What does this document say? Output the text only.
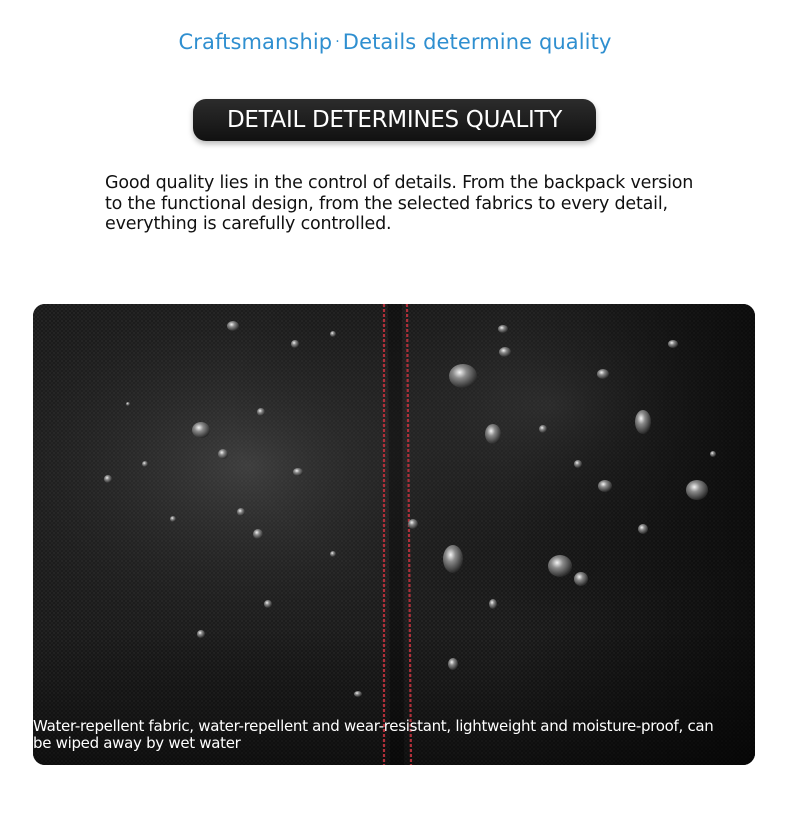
Craftsmanship · Details determine quality
DETAIL DETERMINES QUALITY
Good quality lies in the control of details. From the backpack version to the functional design, from the selected fabrics to every detail, everything is carefully controlled.
Water-repellent fabric, water-repellent and wear-resistant, lightweight and moisture-proof, can be wiped away by wet water
